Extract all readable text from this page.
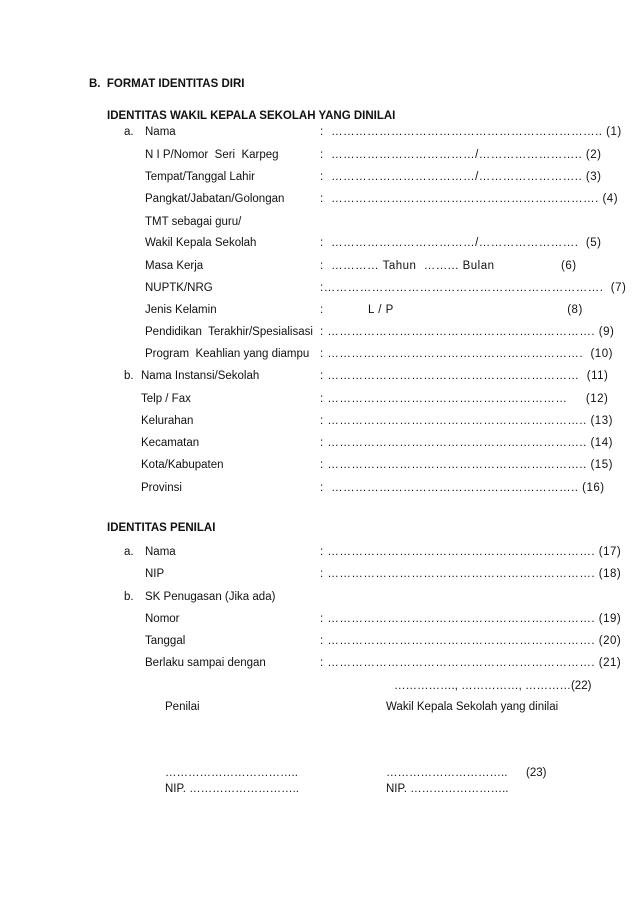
B.  FORMAT IDENTITAS DIRI
IDENTITAS WAKIL KEPALA SEKOLAH YANG DINILAI
a.
b.
Nama	:  ………………………………………………………….. (1)
N I P/Nomor  Seri  Karpeg	:  ………………………………/…………………….. (2)
Tempat/Tanggal Lahir	:  ………………………………/…………………….. (3)
Pangkat/Jabatan/Golongan	:  …………………………………………………………. (4)
TMT sebagai guru/
Wakil Kepala Sekolah	:  ………………………………/…………………….  (5)
Masa Kerja	:  ………… Tahun  ……... Bulan                  (6)
NUPTK/NRG	:…………………………………………………………….  (7)
Jenis Kelamin	:            L / P                                               (8)
Pendidikan  Terakhir/Spesialisasi : …………………………………………………………. (9)
Program  Keahlian yang diampu : ……………………………………………………….  (10)
Nama Instansi/Sekolah	: ………………………………………………………  (11)
Telp / Fax	: ……………………………………………………     (12)
Kelurahan	: ……………………………………………………….. (13)
Kecamatan	: ……………………………………………………….. (14)
Kota/Kabupaten	: ……………………………………………………….. (15)
Provinsi	:  …………………………………………………….. (16)
IDENTITAS PENILAI
a.
b. SK Penugasan (Jika ada)
Nama	: …………………………………………………………. (17)
NIP	: …………………………………………………………. (18)
Nomor	: …………………………………………………………. (19)
Tanggal	: …………………………………………………………. (20)
Berlaku sampai dengan	: …………………………………………………………. (21)
……………., ……………, …………(22)
Penilai	Wakil Kepala Sekolah yang dinilai
……………………………..	………………………….. (23)
NIP. ………………………..	NIP. ……………………..
